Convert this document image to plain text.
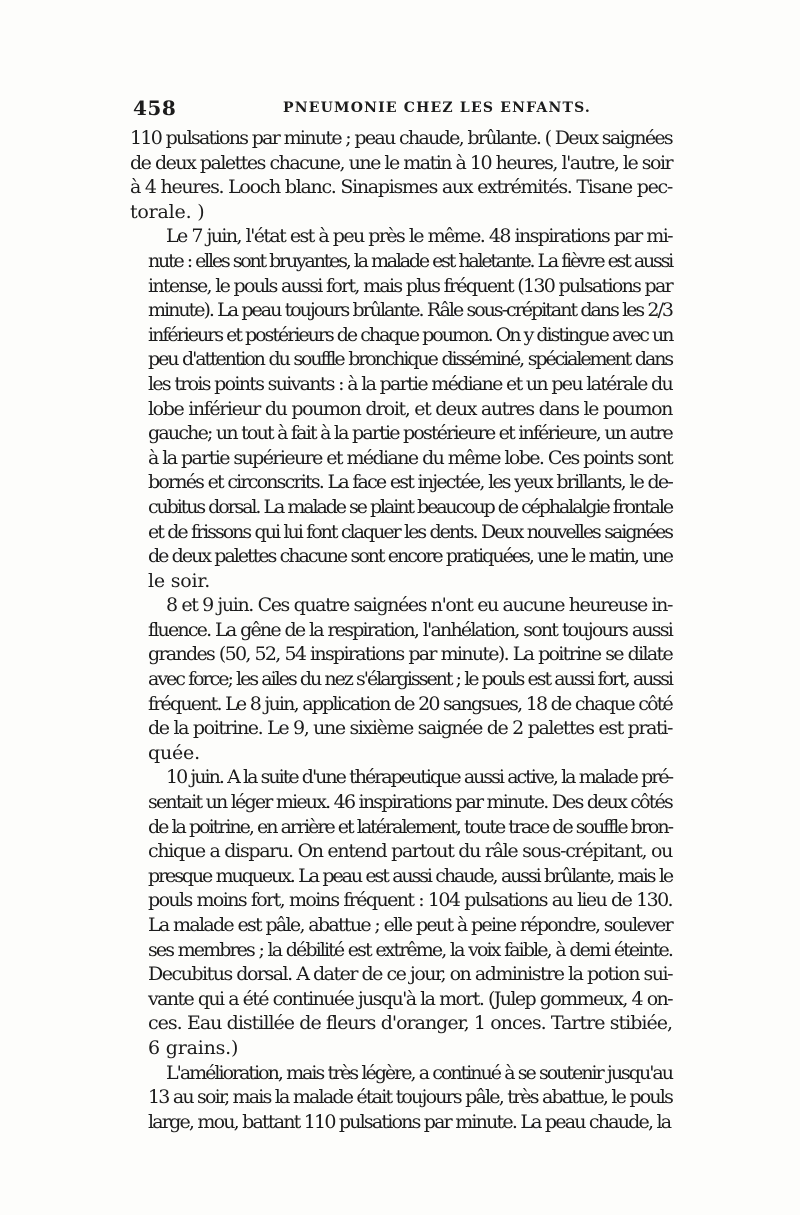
458	PNEUMONIE CHEZ LES ENFANTS.

110 pulsations par minute ; peau chaude, brûlante. ( Deux saignées
de deux palettes chacune, une le matin à 10 heures, l'autre, le soir
à 4 heures. Looch blanc. Sinapismes aux extrémités. Tisane pec-
torale. )

Le 7 juin, l'état est à peu près le même. 48 inspirations par mi-
nute : elles sont bruyantes, la malade est haletante. La fièvre est aussi
intense, le pouls aussi fort, mais plus fréquent (130 pulsations par
minute). La peau toujours brûlante. Râle sous-crépitant dans les 2/3
inférieurs et postérieurs de chaque poumon. On y distingue avec un
peu d'attention du souffle bronchique disséminé, spécialement dans
les trois points suivants : à la partie médiane et un peu latérale du
lobe inférieur du poumon droit, et deux autres dans le poumon
gauche; un tout à fait à la partie postérieure et inférieure, un autre
à la partie supérieure et médiane du même lobe. Ces points sont
bornés et circonscrits. La face est injectée, les yeux brillants, le de-
cubitus dorsal. La malade se plaint beaucoup de céphalalgie frontale
et de frissons qui lui font claquer les dents. Deux nouvelles saignées
de deux palettes chacune sont encore pratiquées, une le matin, une
le soir.

8 et 9 juin. Ces quatre saignées n'ont eu aucune heureuse in-
fluence. La gêne de la respiration, l'anhélation, sont toujours aussi
grandes (50, 52, 54 inspirations par minute). La poitrine se dilate
avec force; les ailes du nez s'élargissent ; le pouls est aussi fort, aussi
fréquent. Le 8 juin, application de 20 sangsues, 18 de chaque côté
de la poitrine. Le 9, une sixième saignée de 2 palettes est prati-
quée.

10 juin. A la suite d'une thérapeutique aussi active, la malade pré-
sentait un léger mieux. 46 inspirations par minute. Des deux côtés
de la poitrine, en arrière et latéralement, toute trace de souffle bron-
chique a disparu. On entend partout du râle sous-crépitant, ou
presque muqueux. La peau est aussi chaude, aussi brûlante, mais le
pouls moins fort, moins fréquent : 104 pulsations au lieu de 130.
La malade est pâle, abattue ; elle peut à peine répondre, soulever
ses membres ; la débilité est extrême, la voix faible, à demi éteinte.
Decubitus dorsal. A dater de ce jour, on administre la potion sui-
vante qui a été continuée jusqu'à la mort. (Julep gommeux, 4 on-
ces. Eau distillée de fleurs d'oranger, 1 onces. Tartre stibiée,
6 grains.)

L'amélioration, mais très légère, a continué à se soutenir jusqu'au
13 au soir, mais la malade était toujours pâle, très abattue, le pouls
large, mou, battant 110 pulsations par minute. La peau chaude, la
